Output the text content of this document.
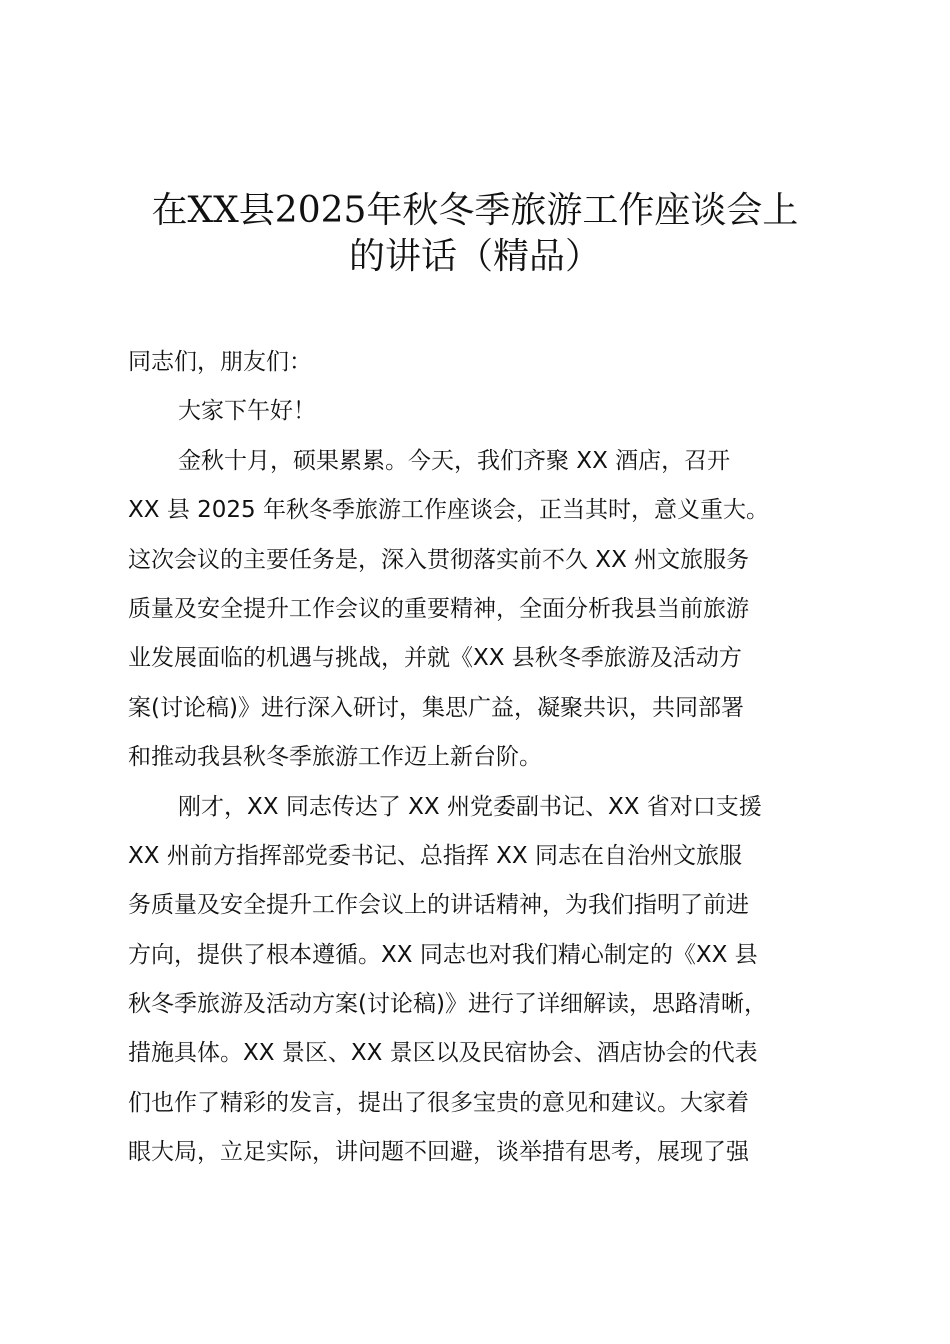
在XX县2025年秋冬季旅游工作座谈会上
的讲话（精品）
同志们，朋友们：
大家下午好！
金秋十月，硕果累累。今天，我们齐聚 XX 酒店，召开
XX 县 2025 年秋冬季旅游工作座谈会，正当其时，意义重大。
这次会议的主要任务是，深入贯彻落实前不久 XX 州文旅服务
质量及安全提升工作会议的重要精神，全面分析我县当前旅游
业发展面临的机遇与挑战，并就《XX 县秋冬季旅游及活动方
案(讨论稿)》进行深入研讨，集思广益，凝聚共识，共同部署
和推动我县秋冬季旅游工作迈上新台阶。
刚才，XX 同志传达了 XX 州党委副书记、XX 省对口支援
XX 州前方指挥部党委书记、总指挥 XX 同志在自治州文旅服
务质量及安全提升工作会议上的讲话精神，为我们指明了前进
方向，提供了根本遵循。XX 同志也对我们精心制定的《XX 县
秋冬季旅游及活动方案(讨论稿)》进行了详细解读，思路清晰，
措施具体。XX 景区、XX 景区以及民宿协会、酒店协会的代表
们也作了精彩的发言，提出了很多宝贵的意见和建议。大家着
眼大局，立足实际，讲问题不回避，谈举措有思考，展现了强
